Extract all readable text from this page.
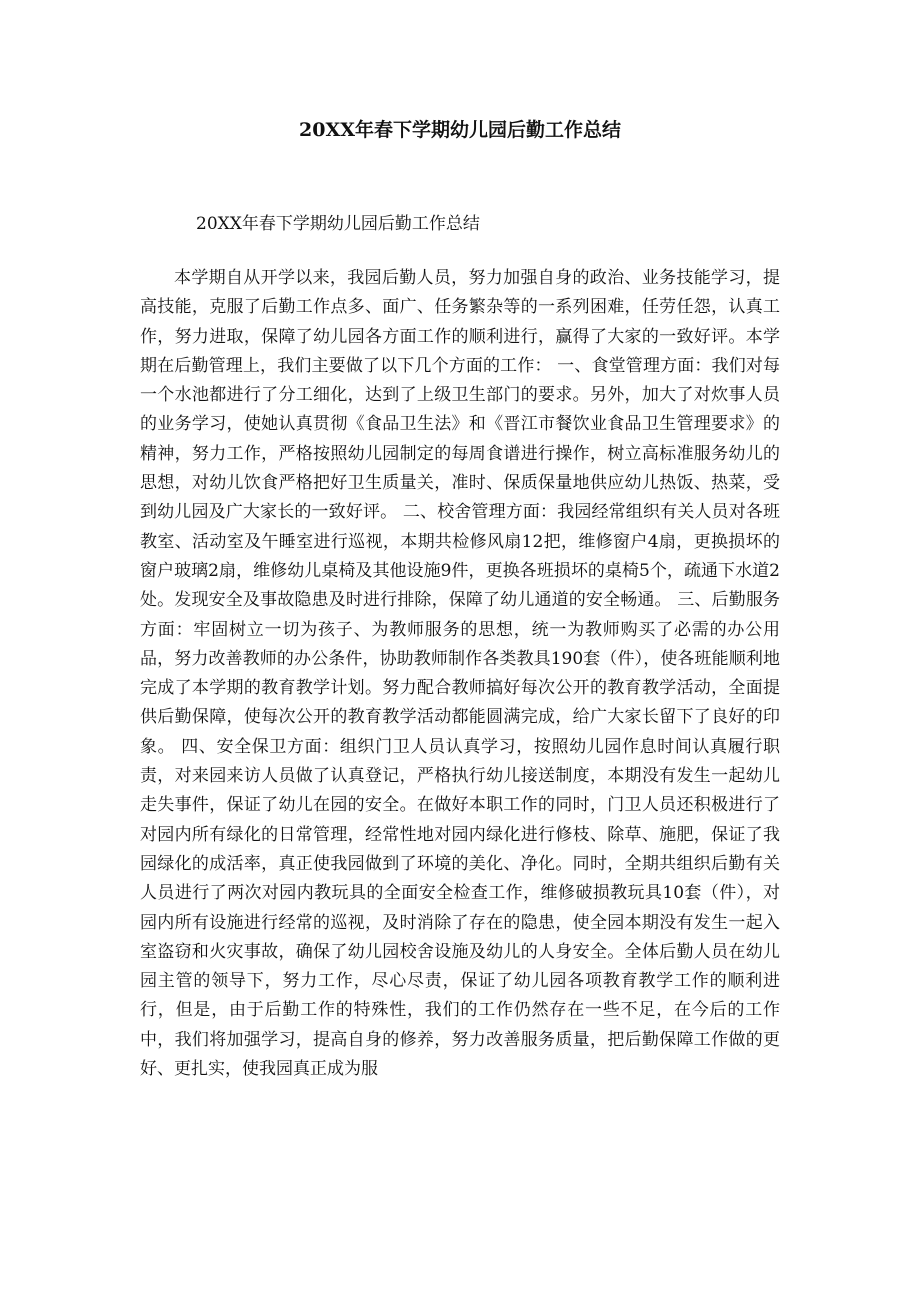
20XX年春下学期幼儿园后勤工作总结
20XX年春下学期幼儿园后勤工作总结

本学期自从开学以来，我园后勤人员，努力加强自身的政治、业务技能学习，提高技能，克服了后勤工作点多、面广、任务繁杂等的一系列困难，任劳任怨，认真工作，努力进取，保障了幼儿园各方面工作的顺利进行，赢得了大家的一致好评。本学期在后勤管理上，我们主要做了以下几个方面的工作： 一、食堂管理方面：我们对每一个水池都进行了分工细化，达到了上级卫生部门的要求。另外，加大了对炊事人员的业务学习，使她认真贯彻《食品卫生法》和《晋江市餐饮业食品卫生管理要求》的精神，努力工作，严格按照幼儿园制定的每周食谱进行操作，树立高标准服务幼儿的思想，对幼儿饮食严格把好卫生质量关，准时、保质保量地供应幼儿热饭、热菜，受到幼儿园及广大家长的一致好评。 二、校舍管理方面：我园经常组织有关人员对各班教室、活动室及午睡室进行巡视，本期共检修风扇12把，维修窗户4扇，更换损坏的窗户玻璃2扇，维修幼儿桌椅及其他设施9件，更换各班损坏的桌椅5个，疏通下水道2处。发现安全及事故隐患及时进行排除，保障了幼儿通道的安全畅通。 三、后勤服务方面：牢固树立一切为孩子、为教师服务的思想，统一为教师购买了必需的办公用品，努力改善教师的办公条件，协助教师制作各类教具190套（件），使各班能顺利地完成了本学期的教育教学计划。努力配合教师搞好每次公开的教育教学活动，全面提供后勤保障，使每次公开的教育教学活动都能圆满完成，给广大家长留下了良好的印象。 四、安全保卫方面：组织门卫人员认真学习，按照幼儿园作息时间认真履行职责，对来园来访人员做了认真登记，严格执行幼儿接送制度，本期没有发生一起幼儿走失事件，保证了幼儿在园的安全。在做好本职工作的同时，门卫人员还积极进行了对园内所有绿化的日常管理，经常性地对园内绿化进行修枝、除草、施肥，保证了我园绿化的成活率，真正使我园做到了环境的美化、净化。同时，全期共组织后勤有关人员进行了两次对园内教玩具的全面安全检查工作，维修破损教玩具10套（件），对园内所有设施进行经常的巡视，及时消除了存在的隐患，使全园本期没有发生一起入室盗窃和火灾事故，确保了幼儿园校舍设施及幼儿的人身安全。全体后勤人员在幼儿园主管的领导下，努力工作，尽心尽责，保证了幼儿园各项教育教学工作的顺利进行，但是，由于后勤工作的特殊性，我们的工作仍然存在一些不足，在今后的工作中，我们将加强学习，提高自身的修养，努力改善服务质量，把后勤保障工作做的更好、更扎实，使我园真正成为服
